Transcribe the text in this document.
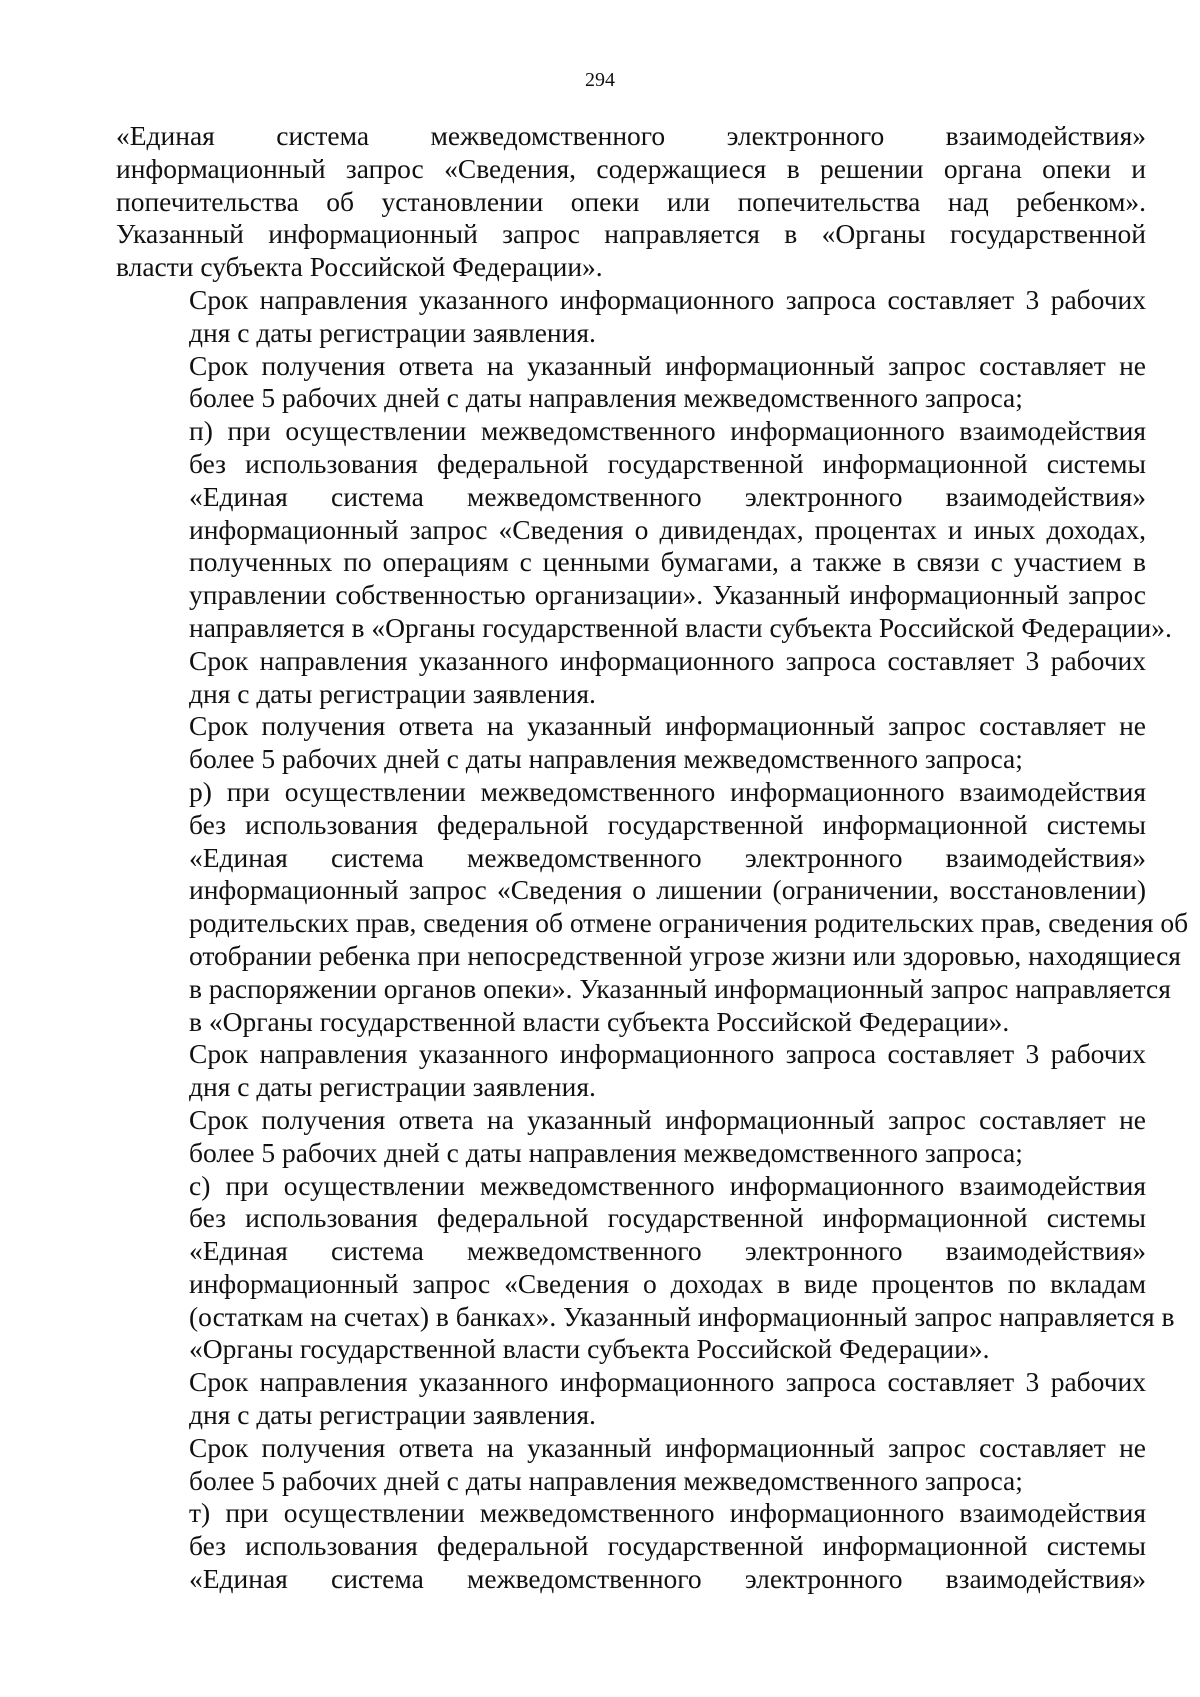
294

«Единая система межведомственного электронного взаимодействия»
информационный запрос «Сведения, содержащиеся в решении органа опеки и
попечительства об установлении опеки или попечительства над ребенком».
Указанный информационный запрос направляется в «Органы государственной
власти субъекта Российской Федерации».

Срок направления указанного информационного запроса составляет 3 рабочих
дня с даты регистрации заявления.

Срок получения ответа на указанный информационный запрос составляет не
более 5 рабочих дней с даты направления межведомственного запроса;

п) при осуществлении межведомственного информационного взаимодействия
без использования федеральной государственной информационной системы
«Единая система межведомственного электронного взаимодействия»
информационный запрос «Сведения о дивидендах, процентах и иных доходах,
полученных по операциям с ценными бумагами, а также в связи с участием в
управлении собственностью организации». Указанный информационный запрос
направляется в «Органы государственной власти субъекта Российской Федерации».

Срок направления указанного информационного запроса составляет 3 рабочих
дня с даты регистрации заявления.

Срок получения ответа на указанный информационный запрос составляет не
более 5 рабочих дней с даты направления межведомственного запроса;

р) при осуществлении межведомственного информационного взаимодействия
без использования федеральной государственной информационной системы
«Единая система межведомственного электронного взаимодействия»
информационный запрос «Сведения о лишении (ограничении, восстановлении)
родительских прав, сведения об отмене ограничения родительских прав, сведения об
отобрании ребенка при непосредственной угрозе жизни или здоровью, находящиеся
в распоряжении органов опеки». Указанный информационный запрос направляется
в «Органы государственной власти субъекта Российской Федерации».

Срок направления указанного информационного запроса составляет 3 рабочих
дня с даты регистрации заявления.

Срок получения ответа на указанный информационный запрос составляет не
более 5 рабочих дней с даты направления межведомственного запроса;

с) при осуществлении межведомственного информационного взаимодействия
без использования федеральной государственной информационной системы
«Единая система межведомственного электронного взаимодействия»
информационный запрос «Сведения о доходах в виде процентов по вкладам
(остаткам на счетах) в банках». Указанный информационный запрос направляется в
«Органы государственной власти субъекта Российской Федерации».

Срок направления указанного информационного запроса составляет 3 рабочих
дня с даты регистрации заявления.

Срок получения ответа на указанный информационный запрос составляет не
более 5 рабочих дней с даты направления межведомственного запроса;

т) при осуществлении межведомственного информационного взаимодействия
без использования федеральной государственной информационной системы
«Единая система межведомственного электронного взаимодействия»
